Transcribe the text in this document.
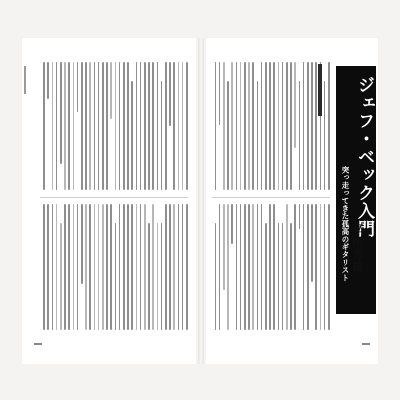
ジェフ・ベック入門
突っ走ってきた孤高のギタリスト 立川芳雄
